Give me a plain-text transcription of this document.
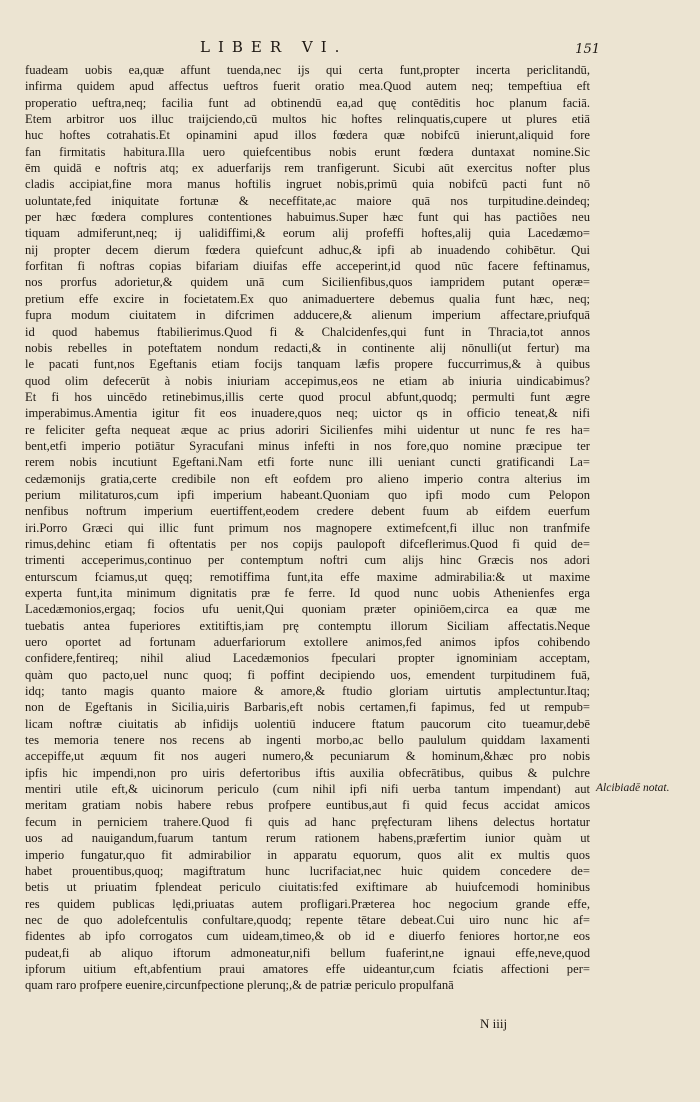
LIBER VI.	151
fuadeam uobis ea,quæ affunt tuenda,nec ijs qui certa funt,propter incerta periclitandū,
infirma quidem apud affectus ueftros fuerit oratio mea.Quod autem neq; tempeftiua eft
properatio ueftra,neq; facilia funt ad obtinendū ea,ad quę contēditis hoc planum faciā.
Etem arbitror uos illuc traijciendo,cū multos hic hoftes relinquatis,cupere ut plures etiā
huc hoftes cotrahatis.Et opinamini apud illos fœdera quæ nobifcū inierunt,aliquid fore
fan firmitatis habitura.Illa uero quiefcentibus nobis erunt fœdera duntaxat nomine.Sic
ēm quidā e noftris atq; ex aduerfarijs rem tranfigerunt. Sicubi aūt exercitus nofter plus
cladis accipiat,fine mora manus hoftilis ingruet nobis,primū quia nobifcū pacti funt nō
uoluntate,fed iniquitate fortunæ & neceffitate,ac maiore quā nos turpitudine.deindeq;
per hæc fœdera complures contentiones habuimus.Super hæc funt qui has pactiões neu
tiquam admiferunt,neq; ij ualidiffimi,& eorum alij profeffi hoftes,alij quia Lacedæmo=
nij propter decem dierum fœdera quiefcunt adhuc,& ipfi ab inuadendo cohibētur. Qui
forfitan fi noftras copias bifariam diuifas effe acceperint,id quod nūc facere feftinamus,
nos prorfus adorietur,& quidem unā cum Sicilienfibus,quos iampridem putant operæ=
pretium effe excire in focietatem.Ex quo animaduertere debemus qualia funt hæc, neq;
fupra modum ciuitatem in difcrimen adducere,& alienum imperium affectare,priufquā
id quod habemus ftabilierimus.Quod fi & Chalcidenfes,qui funt in Thracia,tot annos
nobis rebelles in poteftatem nondum redacti,& in continente alij nōnulli(ut fertur) ma
le pacati funt,nos Egeftanis etiam focijs tanquam læfis propere fuccurrimus,& à quibus
quod olim defecerūt à nobis iniuriam accepimus,eos ne etiam ab iniuria uindicabimus?
Et fi hos uincēdo retinebimus,illis certe quod procul abfunt,quodq; permulti funt ægre
imperabimus.Amentia igitur fit eos inuadere,quos neq; uictor qs in officio teneat,& nifi
re feliciter gefta nequeat æque ac prius adoriri Sicilienfes mihi uidentur ut nunc fe res ha=
bent,etfi imperio potiātur Syracufani minus infefti in nos fore,quo nomine præcipue ter
rerem nobis incutiunt Egeftani.Nam etfi forte nunc illi ueniant cuncti gratificandi La=
cedæmonijs gratia,certe credibile non eft eofdem pro alieno imperio contra alterius im
perium militaturos,cum ipfi imperium habeant.Quoniam quo ipfi modo cum Pelopon
nenfibus noftrum imperium euertiffent,eodem credere debent fuum ab eifdem euerfum
iri.Porro Græci qui illic funt primum nos magnopere extimefcent,fi illuc non tranfmife
rimus,dehinc etiam fi oftentatis per nos copijs paulopoft difceflerimus.Quod fi quid de=
trimenti acceperimus,continuo per contemptum noftri cum alijs hinc Græcis nos adori
enturscum fciamus,ut quęq; remotiffima funt,ita effe maxime admirabilia:& ut maxime
experta funt,ita minimum dignitatis præ fe ferre. Id quod nunc uobis Athenienfes erga
Lacedæmonios,ergaq; focios ufu uenit,Qui quoniam præter opiniōem,circa ea quæ me
tuebatis antea fuperiores extitiftis,iam prę contemptu illorum Siciliam affectatis.Neque
uero oportet ad fortunam aduerfariorum extollere animos,fed animos ipfos cohibendo
confidere,fentireq; nihil aliud Lacedæmonios fpeculari propter ignominiam acceptam,
quàm quo pacto,uel nunc quoq; fi poffint decipiendo uos, emendent turpitudinem fuā,
idq; tanto magis quanto maiore & amore,& ftudio gloriam uirtutis amplectuntur.Itaq;
non de Egeftanis in Sicilia,uiris Barbaris,eft nobis certamen,fi fapimus, fed ut rempub=
licam noftræ ciuitatis ab infidijs uolentiū inducere ftatum paucorum cito tueamur,debē
tes memoria tenere nos recens ab ingenti morbo,ac bello paululum quiddam laxamenti
accepiffe,ut æquum fit nos augeri numero,& pecuniarum & hominum,&hæc pro nobis
ipfis hic impendi,non pro uiris defertoribus iftis auxilia obfecrātibus, quibus & pulchre
mentiri utile eft,& uicinorum periculo (cum nihil ipfi nifi uerba tantum impendant) aut
meritam gratiam nobis habere rebus profpere euntibus,aut fi quid fecus accidat amicos
fecum in perniciem trahere.Quod fi quis ad hanc pręfecturam lihens delectus hortatur
uos ad nauigandum,fuarum tantum rerum rationem habens,præfertim iunior quàm ut
imperio fungatur,quo fit admirabilior in apparatu equorum, quos alit ex multis quos
habet prouentibus,quoq; magiftratum hunc lucrifaciat,nec huic quidem concedere de=
betis ut priuatim fplendeat periculo ciuitatis:fed exiftimare ab huiufcemodi hominibus
res quidem publicas lędi,priuatas autem profligari.Præterea hoc negocium grande effe,
nec de quo adolefcentulis confultare,quodq; repente tētare debeat.Cui uiro nunc hic af=
fidentes ab ipfo corrogatos cum uideam,timeo,& ob id e diuerfo feniores hortor,ne eos
pudeat,fi ab aliquo iftorum admoneatur,nifi bellum fuaferint,ne ignaui effe,neve,quod
ipforum uitium eft,abfentium praui amatores effe uideantur,cum fciatis affectioni per=
quam raro profpere euenire,circunfpectione plerunq;,& de patriæ periculo propulfanā
Alcibiadē notat.
N iiij
